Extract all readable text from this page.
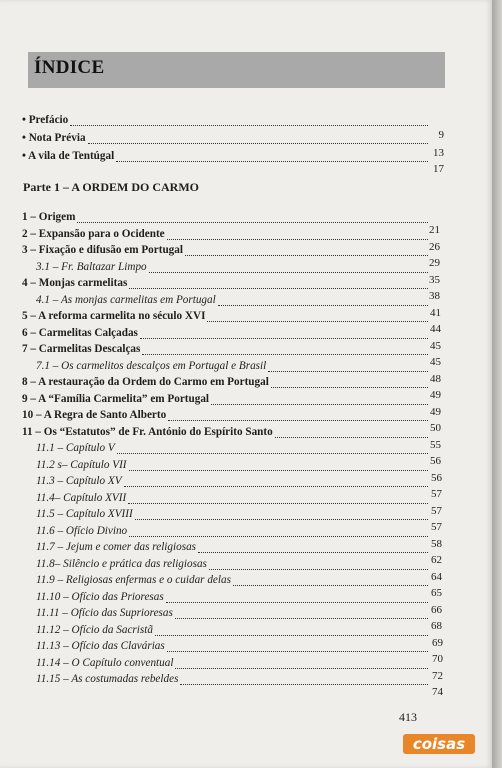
ÍNDICE
• Prefácio
9
• Nota Prévia
13
• A vila de Tentúgal
17
Parte 1 – A ORDEM DO CARMO
1 – Origem
21
2 – Expansão para o Ocidente
26
3 – Fixação e difusão em Portugal
29
3.1 – Fr. Baltazar Limpo
35
4 – Monjas carmelitas
38
4.1 – As monjas carmelitas em Portugal
41
5 – A reforma carmelita no século XVI
44
6 – Carmelitas Calçadas
45
7 – Carmelitas Descalças
45
7.1 – Os carmelitos descalços em Portugal e Brasil
48
8 – A restauração da Ordem do Carmo em Portugal
49
9 – A “Família Carmelita” em Portugal
49
10 – A Regra de Santo Alberto
50
11 – Os “Estatutos” de Fr. António do Espírito Santo
55
11.1 – Capítulo V
56
11.2 s– Capítulo VII
56
11.3 – Capítulo XV
57
11.4– Capítulo XVII
57
11.5 – Capítulo XVIII
57
11.6 – Ofício Divino
58
11.7 – Jejum e comer das religiosas
62
11.8– Silêncio e prática das religiosas
64
11.9 – Religiosas enfermas e o cuidar delas
65
11.10 – Ofício das Prioresas
66
11.11 – Ofício das Suprioresas
68
11.12 – Ofício da Sacristã
69
11.13 – Ofício das Clavárias
70
11.14 – O Capítulo conventual
72
11.15 – As costumadas rebeldes
74
413
coisas
